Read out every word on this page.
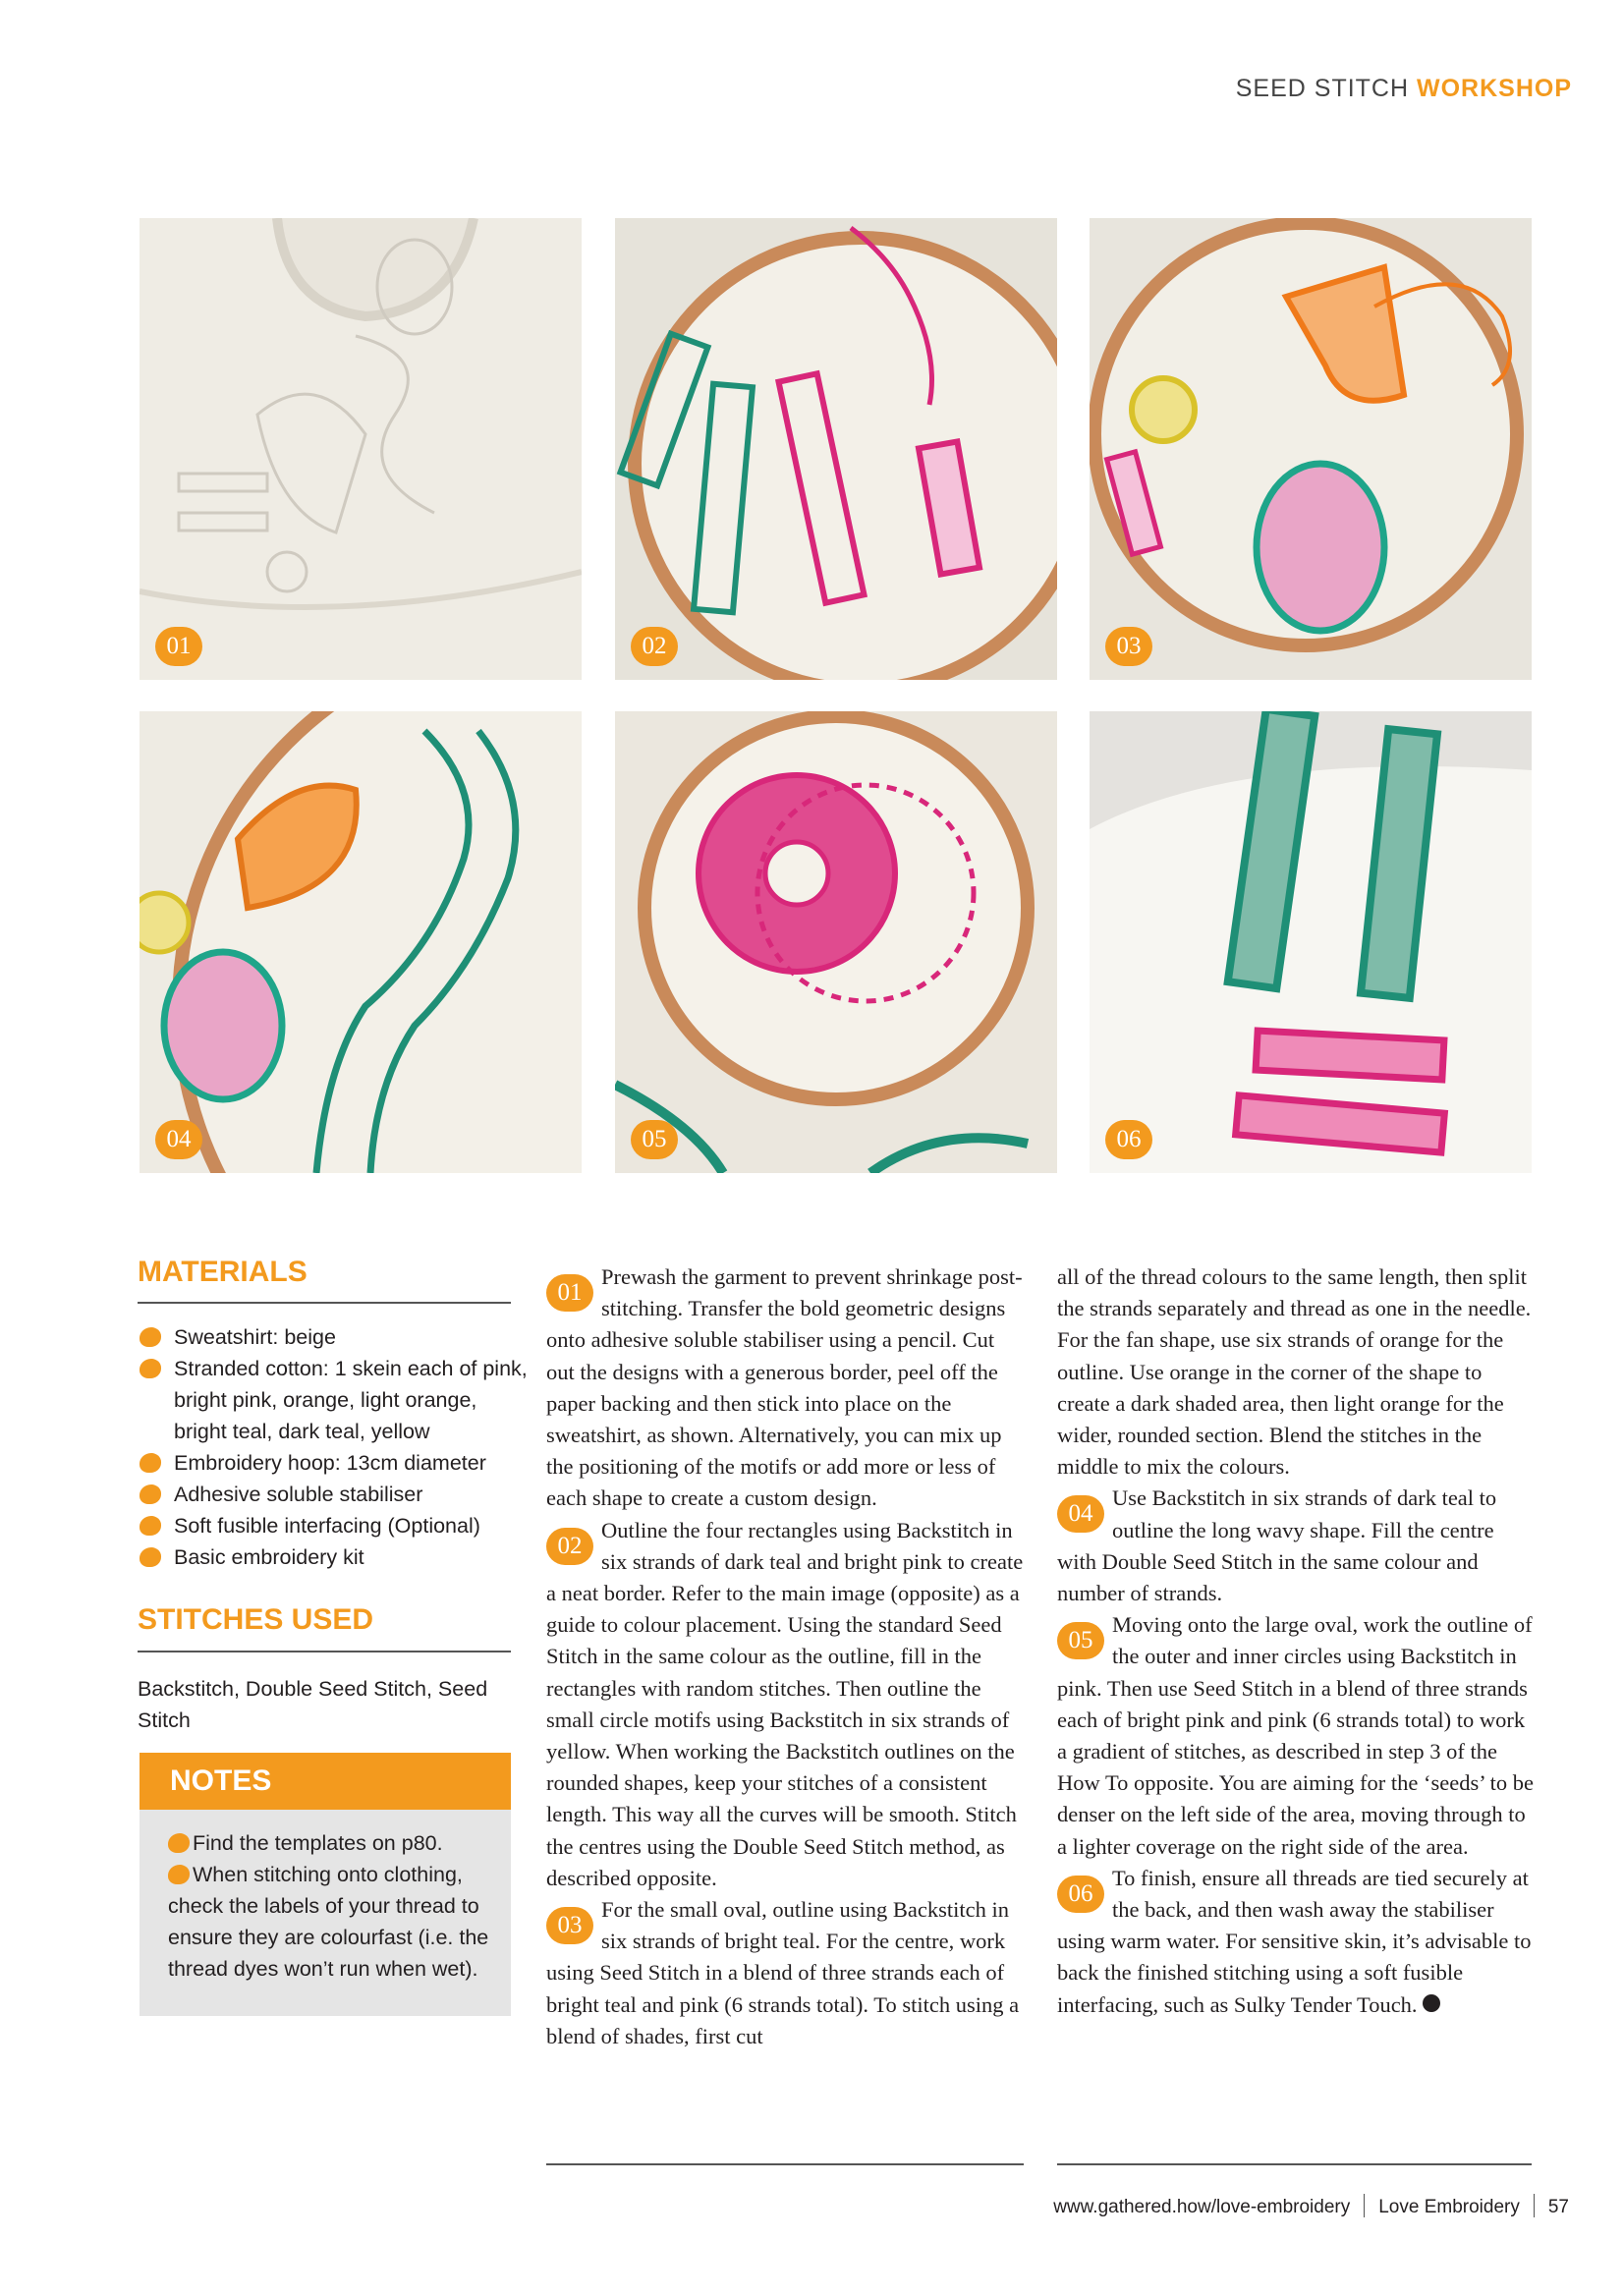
SEED STITCH WORKSHOP
01	02	03
04	05	06
MATERIALS
Sweatshirt: beige
Stranded cotton: 1 skein each of pink, bright pink, orange, light orange, bright teal, dark teal, yellow
Embroidery hoop: 13cm diameter
Adhesive soluble stabiliser
Soft fusible interfacing (Optional)
Basic embroidery kit
STITCHES USED
Backstitch, Double Seed Stitch, Seed Stitch
NOTES
Find the templates on p80.
When stitching onto clothing, check the labels of your thread to ensure they are colourfast (i.e. the thread dyes won’t run when wet).

01
Prewash the garment to prevent shrinkage post-stitching. Transfer the bold geometric designs onto adhesive soluble stabiliser using a pencil. Cut out the designs with a generous border, peel off the paper backing and then stick into place on the sweatshirt, as shown. Alternatively, you can mix up the positioning of the motifs or add more or less of each shape to create a custom design.

02
Outline the four rectangles using Backstitch in six strands of dark teal and bright pink to create a neat border. Refer to the main image (opposite) as a guide to colour placement. Using the standard Seed Stitch in the same colour as the outline, fill in the rectangles with random stitches. Then outline the small circle motifs using Backstitch in six strands of yellow. When working the Backstitch outlines on the rounded shapes, keep your stitches of a consistent length. This way all the curves will be smooth. Stitch the centres using the Double Seed Stitch method, as described opposite.

03
For the small oval, outline using Backstitch in six strands of bright teal. For the centre, work using Seed Stitch in a blend of three strands each of bright teal and pink (6 strands total). To stitch using a blend of shades, first cut

all of the thread colours to the same length, then split the strands separately and thread as one in the needle. For the fan shape, use six strands of orange for the outline. Use orange in the corner of the shape to create a dark shaded area, then light orange for the wider, rounded section. Blend the stitches in the middle to mix the colours.

04
Use Backstitch in six strands of dark teal to outline the long wavy shape. Fill the centre with Double Seed Stitch in the same colour and number of strands.

05
Moving onto the large oval, work the outline of the outer and inner circles using Backstitch in pink. Then use Seed Stitch in a blend of three strands each of bright pink and pink (6 strands total) to work a gradient of stitches, as described in step 3 of the How To opposite. You are aiming for the ‘seeds’ to be denser on the left side of the area, moving through to a lighter coverage on the right side of the area.

06
To finish, ensure all threads are tied securely at the back, and then wash away the stabiliser using warm water. For sensitive skin, it’s advisable to back the finished stitching using a soft fusible interfacing, such as Sulky Tender Touch.

www.gathered.how/love-embroidery Love Embroidery 57
